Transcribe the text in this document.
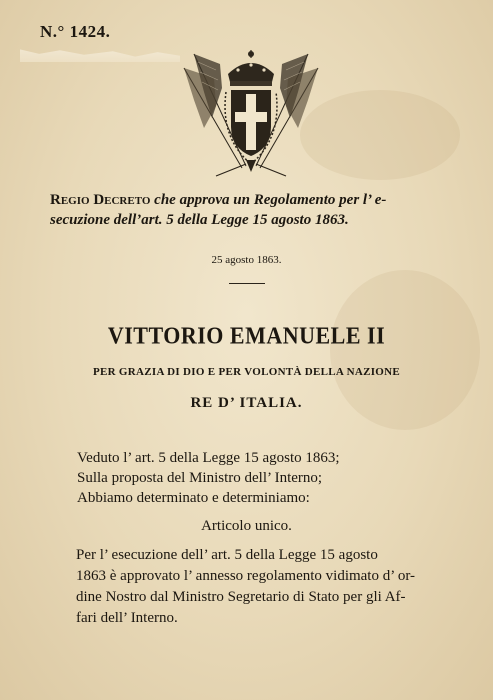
N.° 1424.
Regio Decreto che approva un Regolamento per l’ e-
secuzione dell’art. 5 della Legge 15 agosto 1863.
25 agosto 1863.
VITTORIO EMANUELE II
PER GRAZIA DI DIO E PER VOLONTÀ DELLA NAZIONE
RE D’ ITALIA.
Veduto l’ art. 5 della Legge 15 agosto 1863;
Sulla proposta del Ministro dell’ Interno;
Abbiamo determinato e determiniamo:
Articolo unico.
Per l’ esecuzione dell’ art. 5 della Legge 15 agosto
1863 è approvato l’ annesso regolamento vidimato d’ or-
dine Nostro dal Ministro Segretario di Stato per gli Af-
fari dell’ Interno.
